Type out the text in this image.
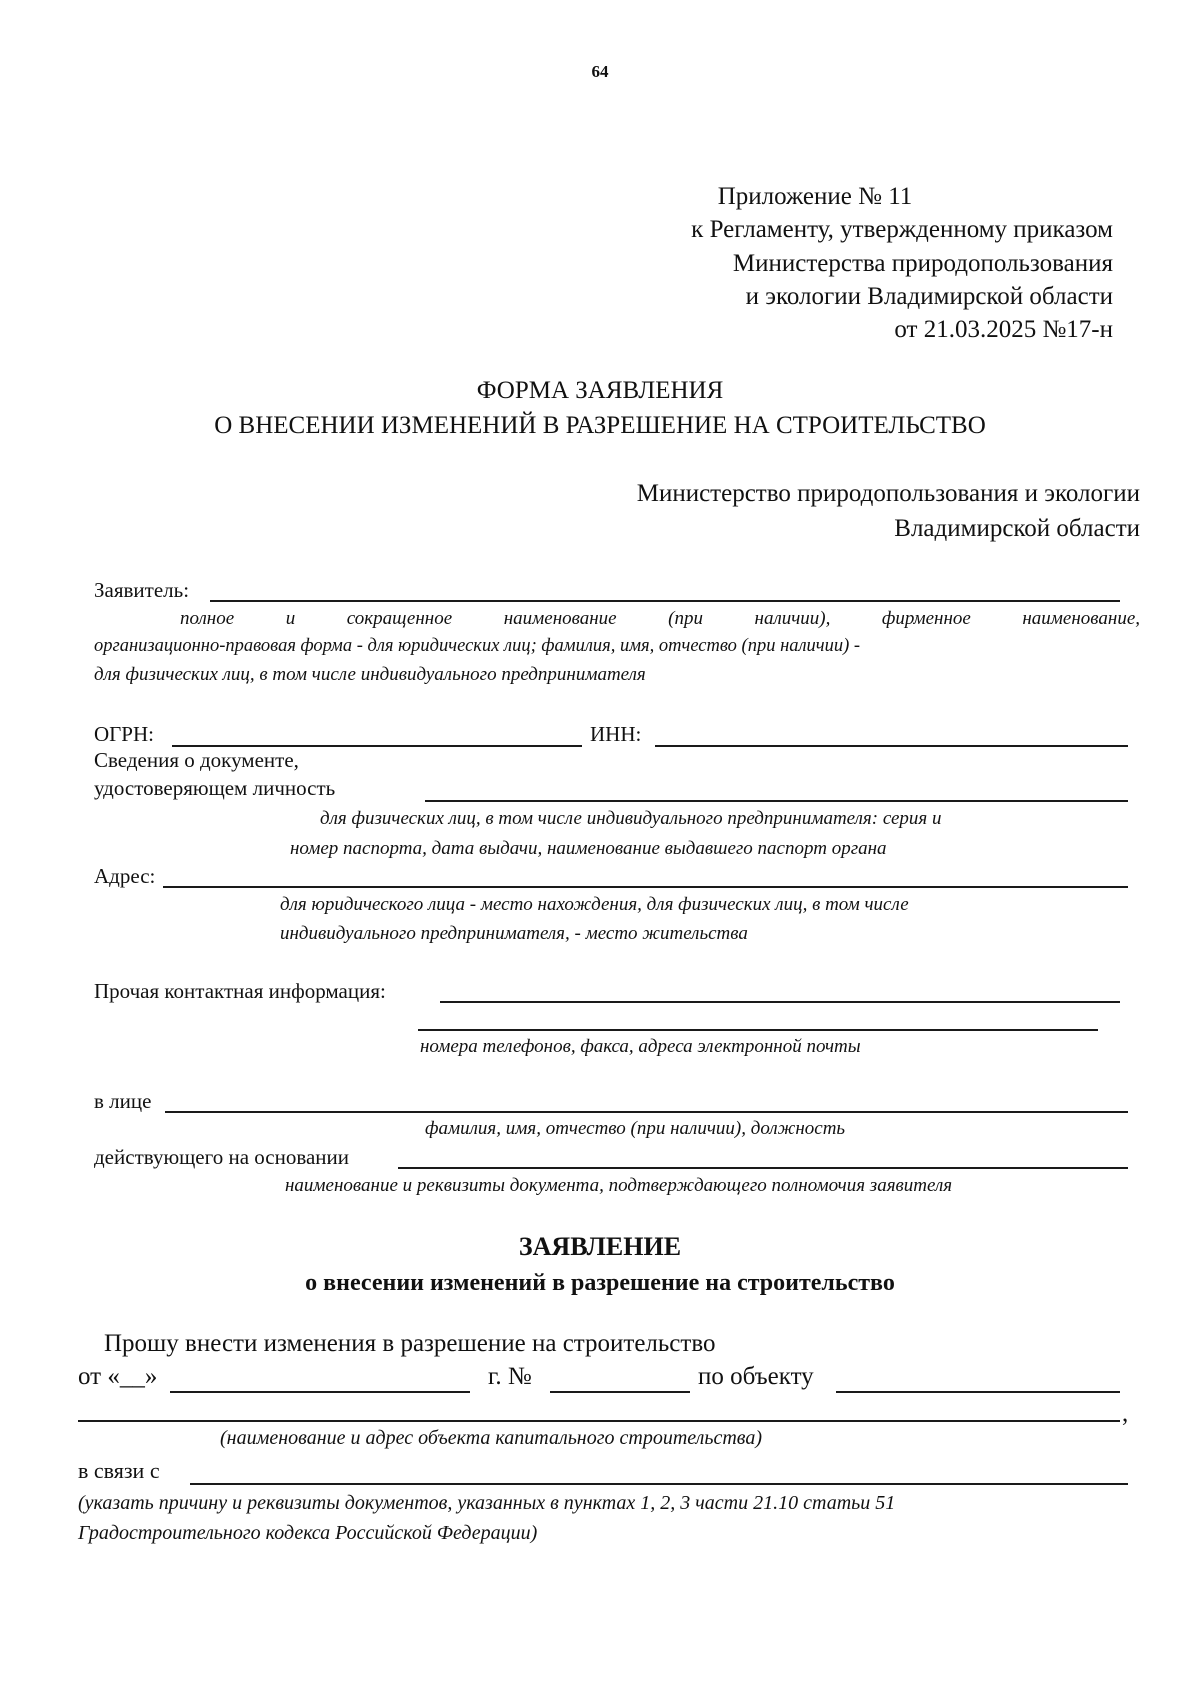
64
Приложение № 11
к Регламенту, утвержденному приказом
Министерства природопользования
и экологии Владимирской области
от 21.03.2025 №17-н
ФОРМА ЗАЯВЛЕНИЯ
О ВНЕСЕНИИ ИЗМЕНЕНИЙ В РАЗРЕШЕНИЕ НА СТРОИТЕЛЬСТВО
Министерство природопользования и экологии
Владимирской области
Заявитель:
полное	и	сокращенное	наименование	(при	наличии),	фирменное	наименование,
организационно-правовая форма - для юридических лиц; фамилия, имя, отчество (при наличии) -
для физических лиц, в том числе индивидуального предпринимателя
ОГРН:	ИНН:
Сведения о документе,
удостоверяющем личность
для физических лиц, в том числе индивидуального предпринимателя: серия и
номер паспорта, дата выдачи, наименование выдавшего паспорт органа
Адрес:
для юридического лица - место нахождения, для физических лиц, в том числе
индивидуального предпринимателя, - место жительства
Прочая контактная информация:
номера телефонов, факса, адреса электронной почты
в лице
фамилия, имя, отчество (при наличии), должность
действующего на основании
наименование и реквизиты документа, подтверждающего полномочия заявителя
ЗАЯВЛЕНИЕ
о внесении изменений в разрешение на строительство
Прошу внести изменения в разрешение на строительство
от «__»	г. №	по объекту
,
(наименование и адрес объекта капитального строительства)
в связи с
(указать причину и реквизиты документов, указанных в пунктах 1, 2, 3 части 21.10 статьи 51
Градостроительного кодекса Российской Федерации)
